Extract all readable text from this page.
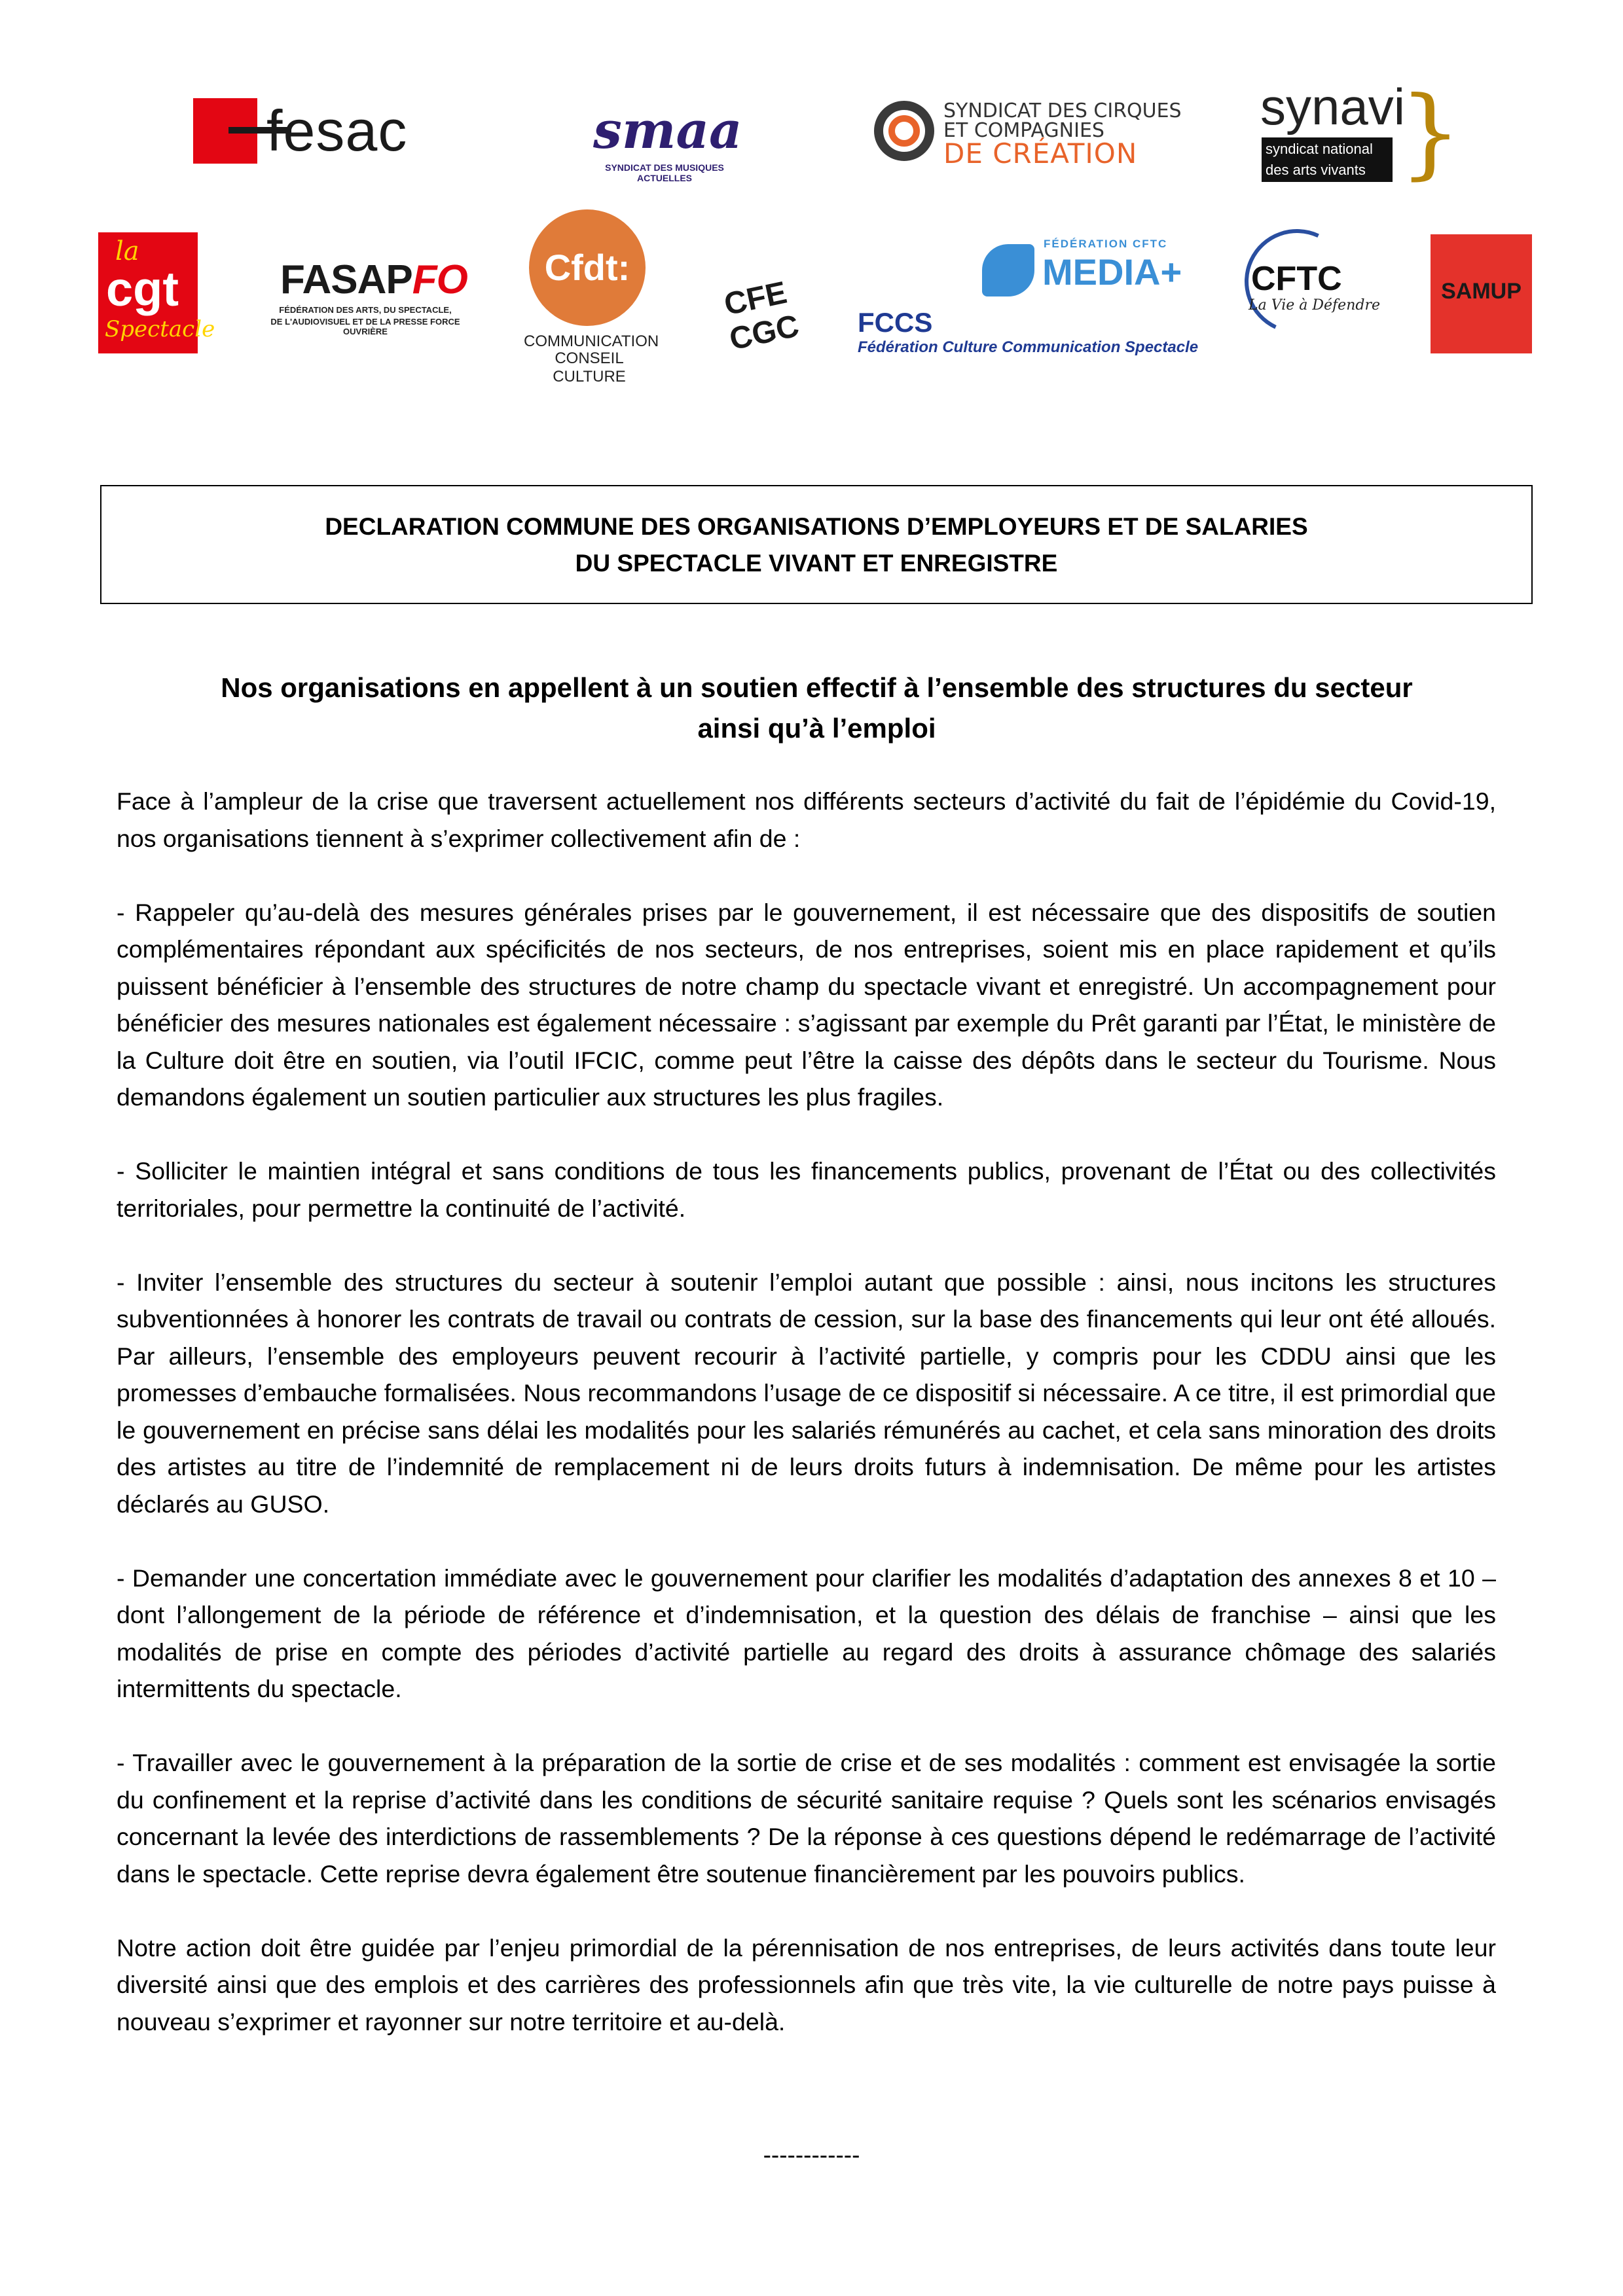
fesac	smaa
SYNDICAT DES MUSIQUES ACTUELLES
SYNDICAT DES CIRQUES
ET COMPAGNIES
DE CRÉATION
synavi
syndicat national
des arts vivants }
la
cgt
Spectacle
FASAPFO
FÉDÉRATION DES ARTS, DU SPECTACLE,
DE L'AUDIOVISUEL ET DE LA PRESSE FORCE OUVRIÈRE
Cfdt:
COMMUNICATION
CONSEIL CULTURE
CFE
CGC FCCS
Fédération Culture Communication Spectacle
FÉDÉRATION CFTC
MEDIA+ CFTC
La Vie à Défendre
SAMUP
DECLARATION COMMUNE DES ORGANISATIONS D’EMPLOYEURS ET DE SALARIES
DU SPECTACLE VIVANT ET ENREGISTRE
Nos organisations en appellent à un soutien effectif à l’ensemble des structures du secteur
ainsi qu’à l’emploi

Face à l’ampleur de la crise que traversent actuellement nos différents secteurs d’activité du fait de l’épidémie du Covid-19, nos organisations tiennent à s’exprimer collectivement afin de :

- Rappeler qu’au-delà des mesures générales prises par le gouvernement, il est nécessaire que des dispositifs de soutien complémentaires répondant aux spécificités de nos secteurs, de nos entreprises, soient mis en place rapidement et qu’ils puissent bénéficier à l’ensemble des structures de notre champ du spectacle vivant et enregistré. Un accompagnement pour bénéficier des mesures nationales est également nécessaire : s’agissant par exemple du Prêt garanti par l’État, le ministère de la Culture doit être en soutien, via l’outil IFCIC, comme peut l’être la caisse des dépôts dans le secteur du Tourisme. Nous demandons également un soutien particulier aux structures les plus fragiles.

- Solliciter le maintien intégral et sans conditions de tous les financements publics, provenant de l’État ou des collectivités territoriales, pour permettre la continuité de l’activité.

- Inviter l’ensemble des structures du secteur à soutenir l’emploi autant que possible : ainsi, nous incitons les structures subventionnées à honorer les contrats de travail ou contrats de cession, sur la base des financements qui leur ont été alloués. Par ailleurs, l’ensemble des employeurs peuvent recourir à l’activité partielle, y compris pour les CDDU ainsi que les promesses d’embauche formalisées. Nous recommandons l’usage de ce dispositif si nécessaire. A ce titre, il est primordial que le gouvernement en précise sans délai les modalités pour les salariés rémunérés au cachet, et cela sans minoration des droits des artistes au titre de l’indemnité de remplacement ni de leurs droits futurs à indemnisation. De même pour les artistes déclarés au GUSO.

- Demander une concertation immédiate avec le gouvernement pour clarifier les modalités d’adaptation des annexes 8 et 10 – dont l’allongement de la période de référence et d’indemnisation, et la question des délais de franchise – ainsi que les modalités de prise en compte des périodes d’activité partielle au regard des droits à assurance chômage des salariés intermittents du spectacle.

- Travailler avec le gouvernement à la préparation de la sortie de crise et de ses modalités : comment est envisagée la sortie du confinement et la reprise d’activité dans les conditions de sécurité sanitaire requise ? Quels sont les scénarios envisagés concernant la levée des interdictions de rassemblements ? De la réponse à ces questions dépend le redémarrage de l’activité dans le spectacle. Cette reprise devra également être soutenue financièrement par les pouvoirs publics.

Notre action doit être guidée par l’enjeu primordial de la pérennisation de nos entreprises, de leurs activités dans toute leur diversité ainsi que des emplois et des carrières des professionnels afin que très vite, la vie culturelle de notre pays puisse à nouveau s’exprimer et rayonner sur notre territoire et au-delà.

------------
